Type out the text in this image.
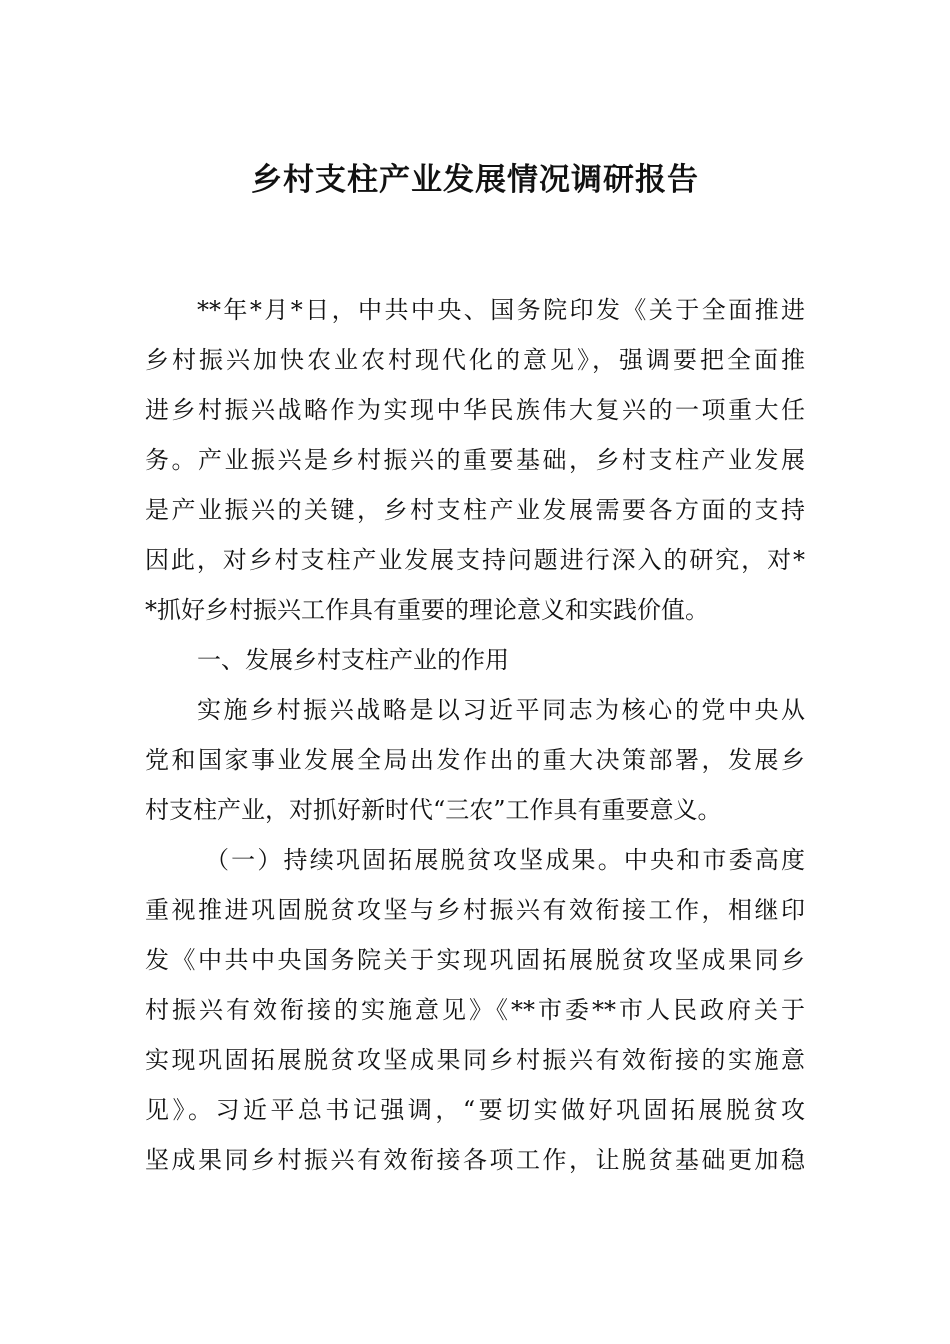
乡村支柱产业发展情况调研报告
**年*月*日，中共中央、国务院印发《关于全面推进
乡村振兴加快农业农村现代化的意见》，强调要把全面推
进乡村振兴战略作为实现中华民族伟大复兴的一项重大任
务。产业振兴是乡村振兴的重要基础，乡村支柱产业发展
是产业振兴的关键，乡村支柱产业发展需要各方面的支持
因此，对乡村支柱产业发展支持问题进行深入的研究，对*
*抓好乡村振兴工作具有重要的理论意义和实践价值。
一、发展乡村支柱产业的作用
实施乡村振兴战略是以习近平同志为核心的党中央从
党和国家事业发展全局出发作出的重大决策部署，发展乡
村支柱产业，对抓好新时代“三农”工作具有重要意义。
（一）持续巩固拓展脱贫攻坚成果。中央和市委高度
重视推进巩固脱贫攻坚与乡村振兴有效衔接工作，相继印
发《中共中央国务院关于实现巩固拓展脱贫攻坚成果同乡
村振兴有效衔接的实施意见》《**市委**市人民政府关于
实现巩固拓展脱贫攻坚成果同乡村振兴有效衔接的实施意
见》。习近平总书记强调，“要切实做好巩固拓展脱贫攻
坚成果同乡村振兴有效衔接各项工作，让脱贫基础更加稳
